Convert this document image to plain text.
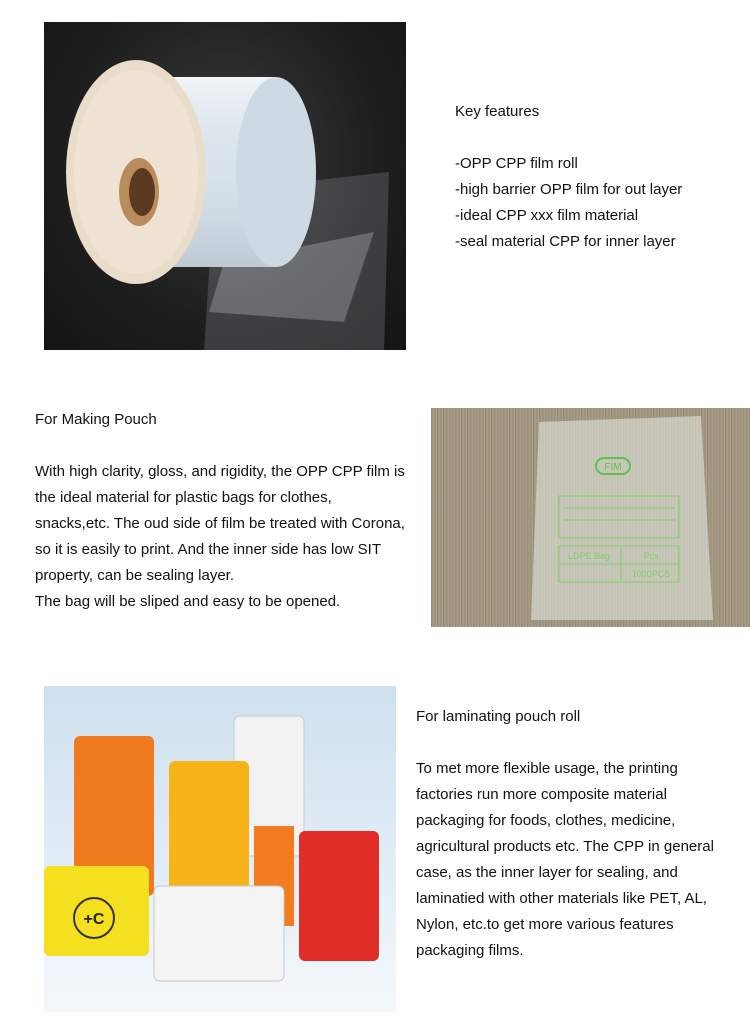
Key features

-OPP CPP film roll

-high barrier OPP film for out layer

-ideal CPP xxx film material

-seal material CPP for inner layer

For Making Pouch

With high clarity, gloss, and rigidity, the OPP CPP film is

the ideal material for plastic bags for clothes,

snacks,etc. The oud side of film be treated with Corona,

so it is easily to print. And the inner side has low SIT

property, can be sealing layer.

The bag will be sliped and easy to be opened.

FIM
LDPE Bag	Pcs
1000PCS
+C

For laminating pouch roll

To met more flexible usage, the printing

factories run more composite material

packaging for foods, clothes, medicine,

agricultural products etc. The CPP in general

case, as the inner layer for sealing, and

laminatied with other materials like PET, AL,

Nylon, etc.to get more various features

packaging films.
